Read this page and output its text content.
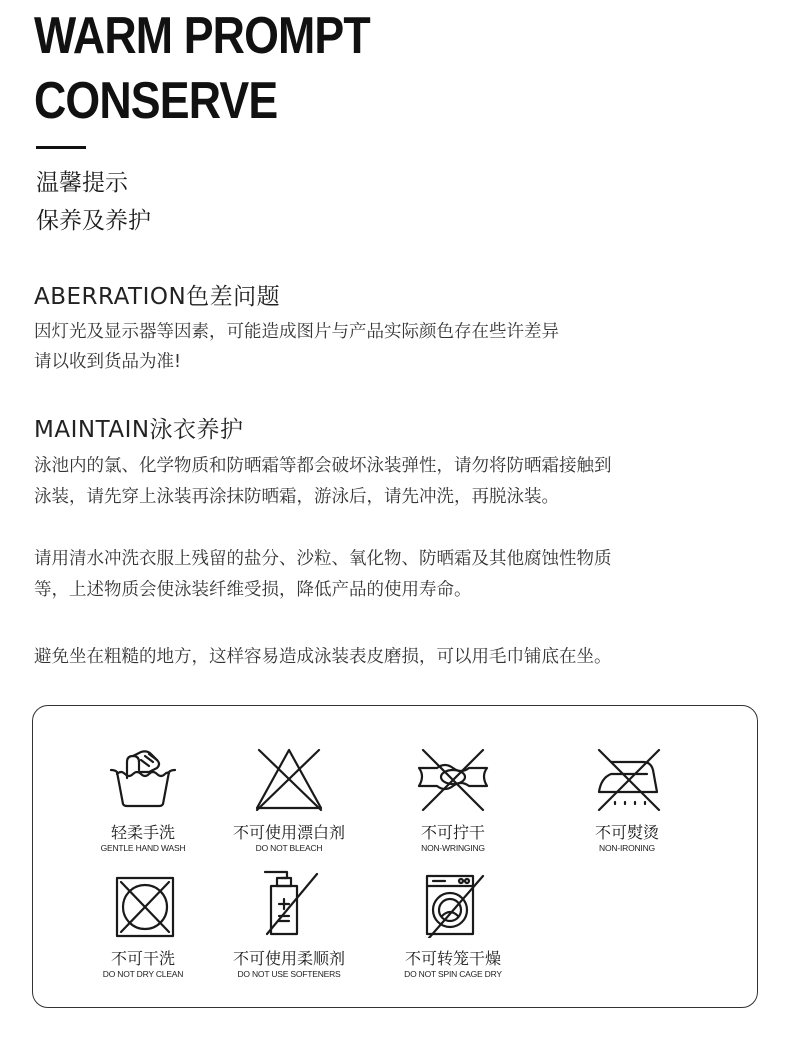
WARM PROMPT
CONSERVE
温馨提示
保养及养护
ABERRATION色差问题
因灯光及显示器等因素，可能造成图片与产品实际颜色存在些许差异
请以收到货品为准!
MAINTAIN泳衣养护
泳池内的氯、化学物质和防晒霜等都会破坏泳装弹性，请勿将防晒霜接触到
泳装，请先穿上泳装再涂抹防晒霜，游泳后，请先冲洗，再脱泳装。
请用清水冲洗衣服上残留的盐分、沙粒、氧化物、防晒霜及其他腐蚀性物质
等，上述物质会使泳装纤维受损，降低产品的使用寿命。
避免坐在粗糙的地方，这样容易造成泳装表皮磨损，可以用毛巾铺底在坐。
轻柔手洗
GENTLE HAND WASH
不可使用漂白剂
DO NOT BLEACH
不可拧干
NON-WRINGING
不可熨烫
NON-IRONING
不可干洗
DO NOT DRY CLEAN
不可使用柔顺剂
DO NOT USE SOFTENERS
不可转笼干燥
DO NOT SPIN CAGE DRY
